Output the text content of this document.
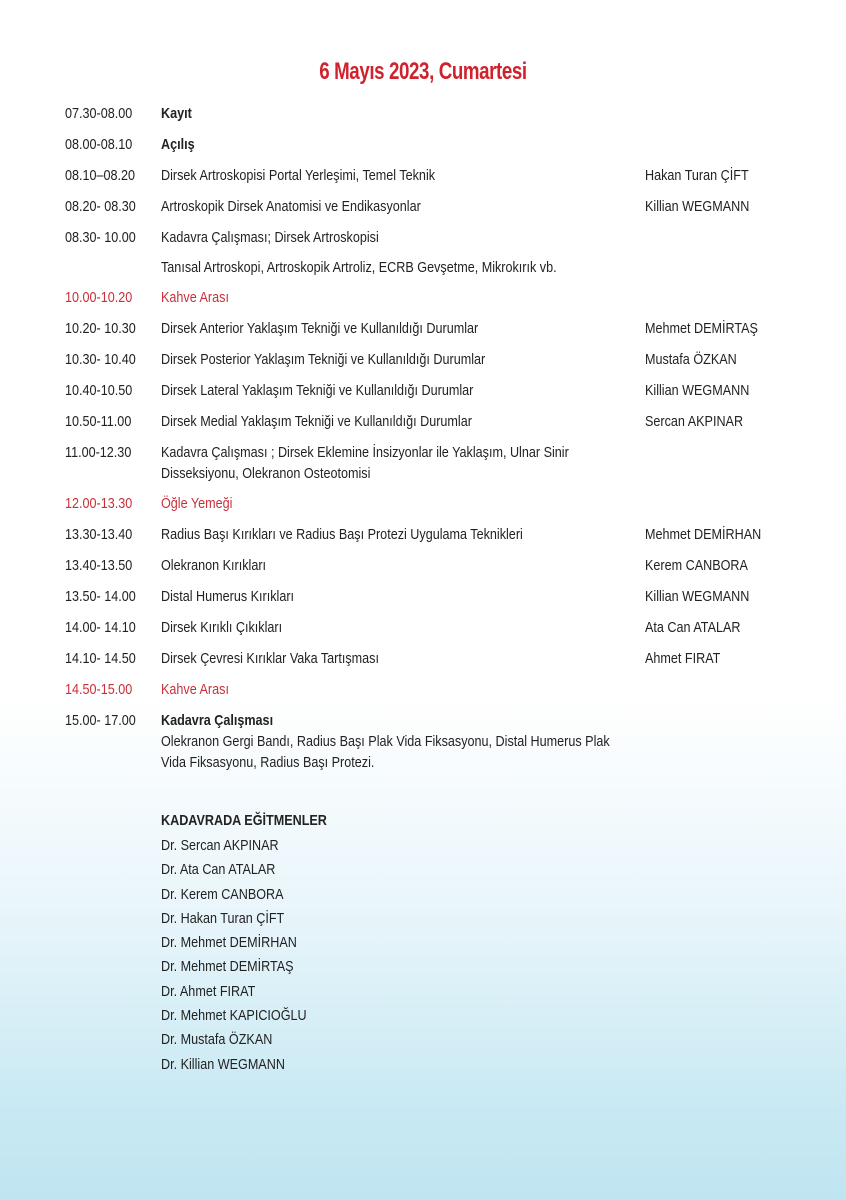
6 Mayıs 2023, Cumartesi
07.30-08.00	Kayıt
08.00-08.10	Açılış
08.10–08.20	Dirsek Artroskopisi Portal Yerleşimi, Temel Teknik	Hakan Turan ÇİFT
08.20- 08.30	Artroskopik Dirsek Anatomisi ve Endikasyonlar	Killian WEGMANN
08.30- 10.00	Kadavra Çalışması; Dirsek Artroskopisi

Tanısal Artroskopi, Artroskopik Artroliz, ECRB Gevşetme, Mikrokırık vb.
10.00-10.20	Kahve Arası
10.20- 10.30	Dirsek Anterior Yaklaşım Tekniği ve Kullanıldığı Durumlar	Mehmet DEMİRTAŞ
10.30- 10.40	Dirsek Posterior Yaklaşım Tekniği ve Kullanıldığı Durumlar	Mustafa ÖZKAN
10.40-10.50	Dirsek Lateral Yaklaşım Tekniği ve Kullanıldığı Durumlar	Killian WEGMANN
10.50-11.00	Dirsek Medial Yaklaşım Tekniği ve Kullanıldığı Durumlar	Sercan AKPINAR
11.00-12.30	Kadavra Çalışması ; Dirsek Eklemine İnsizyonlar ile Yaklaşım, Ulnar Sinir Disseksiyonu, Olekranon Osteotomisi
12.00-13.30	Öğle Yemeği
13.30-13.40	Radius Başı Kırıkları ve Radius Başı Protezi Uygulama Teknikleri	Mehmet DEMİRHAN
13.40-13.50	Olekranon Kırıkları	Kerem CANBORA
13.50- 14.00	Distal Humerus Kırıkları	Killian WEGMANN
14.00- 14.10	Dirsek Kırıklı Çıkıkları	Ata Can ATALAR
14.10- 14.50	Dirsek Çevresi Kırıklar Vaka Tartışması	Ahmet FIRAT
14.50-15.00	Kahve Arası
15.00- 17.00	Kadavra Çalışması
Olekranon Gergi Bandı, Radius Başı Plak Vida Fiksasyonu, Distal Humerus Plak Vida Fiksasyonu, Radius Başı Protezi.
KADAVRADA EĞİTMENLER
Dr. Sercan AKPINAR
Dr. Ata Can ATALAR
Dr. Kerem CANBORA
Dr. Hakan Turan ÇİFT
Dr. Mehmet DEMİRHAN
Dr. Mehmet DEMİRTAŞ
Dr. Ahmet FIRAT
Dr. Mehmet KAPICIOĞLU
Dr. Mustafa ÖZKAN
Dr. Killian WEGMANN
